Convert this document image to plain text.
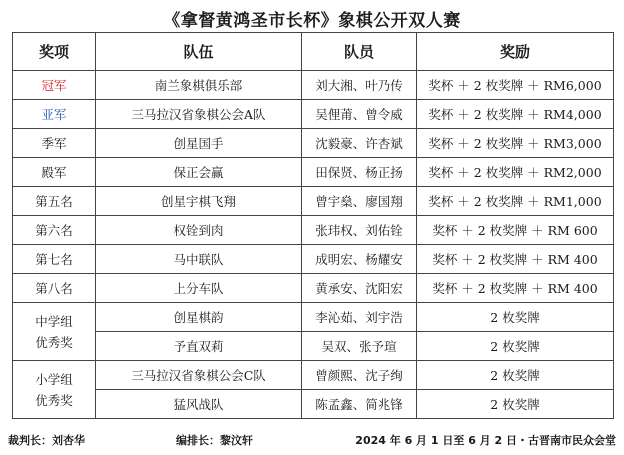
《拿督黄鸿圣市长杯》象棋公开双人赛
奖项	队伍	队员	奖励
冠军	南兰象棋俱乐部	刘大湘、叶乃传	奖杯 ＋ 2 枚奖牌 ＋ RM6,000
亚军	三马拉汉省象棋公会A队	吴俚莆、曾令威	奖杯 ＋ 2 枚奖牌 ＋ RM4,000
季军	创星国手	沈毅豪、许杏斌	奖杯 ＋ 2 枚奖牌 ＋ RM3,000
殿军	保正会赢	田保贤、杨正扬	奖杯 ＋ 2 枚奖牌 ＋ RM2,000
第五名	创星宇棋飞翔	曾宇燊、廖国翔	奖杯 ＋ 2 枚奖牌 ＋ RM1,000
第六名	权铨到肉	张玮权、刘佑铨	奖杯 ＋ 2 枚奖牌 ＋ RM 600
第七名	马中联队	成明宏、杨耀安	奖杯 ＋ 2 枚奖牌 ＋ RM 400
第八名	上分车队	黄承安、沈阳宏	奖杯 ＋ 2 枚奖牌 ＋ RM 400

中学组
优秀奖	创星棋韵	李沁茹、刘宇浩	2 枚奖牌
	予直双莉	吴双、张予瑄	2 枚奖牌

小学组
优秀奖	三马拉汉省象棋公会C队	曾颜熙、沈子绚	2 枚奖牌
	猛风战队	陈孟鑫、简兆锋	2 枚奖牌
裁判长：刘杏华	编排长：黎汶轩	2024 年 6 月 1 日至 6 月 2 日・古晋南市民众会堂
